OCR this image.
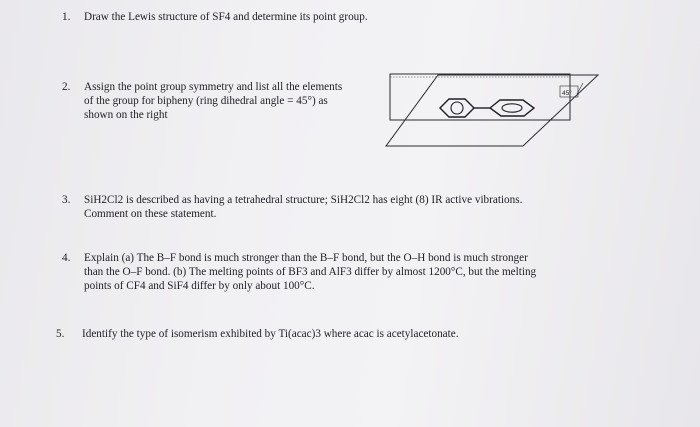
1. Draw the Lewis structure of SF4 and determine its point group.
2. Assign the point group symmetry and list all the elements
of the group for bipheny (ring dihedral angle = 45°) as
shown on the right
45°
3. SiH2Cl2 is described as having a tetrahedral structure; SiH2Cl2 has eight (8) IR active vibrations.
Comment on these statement.
4. Explain (a) The B–F bond is much stronger than the B–F bond, but the O–H bond is much stronger
than the O–F bond. (b) The melting points of BF3 and AlF3 differ by almost 1200°C, but the melting
points of CF4 and SiF4 differ by only about 100°C.
5. Identify the type of isomerism exhibited by Ti(acac)3 where acac is acetylacetonate.
